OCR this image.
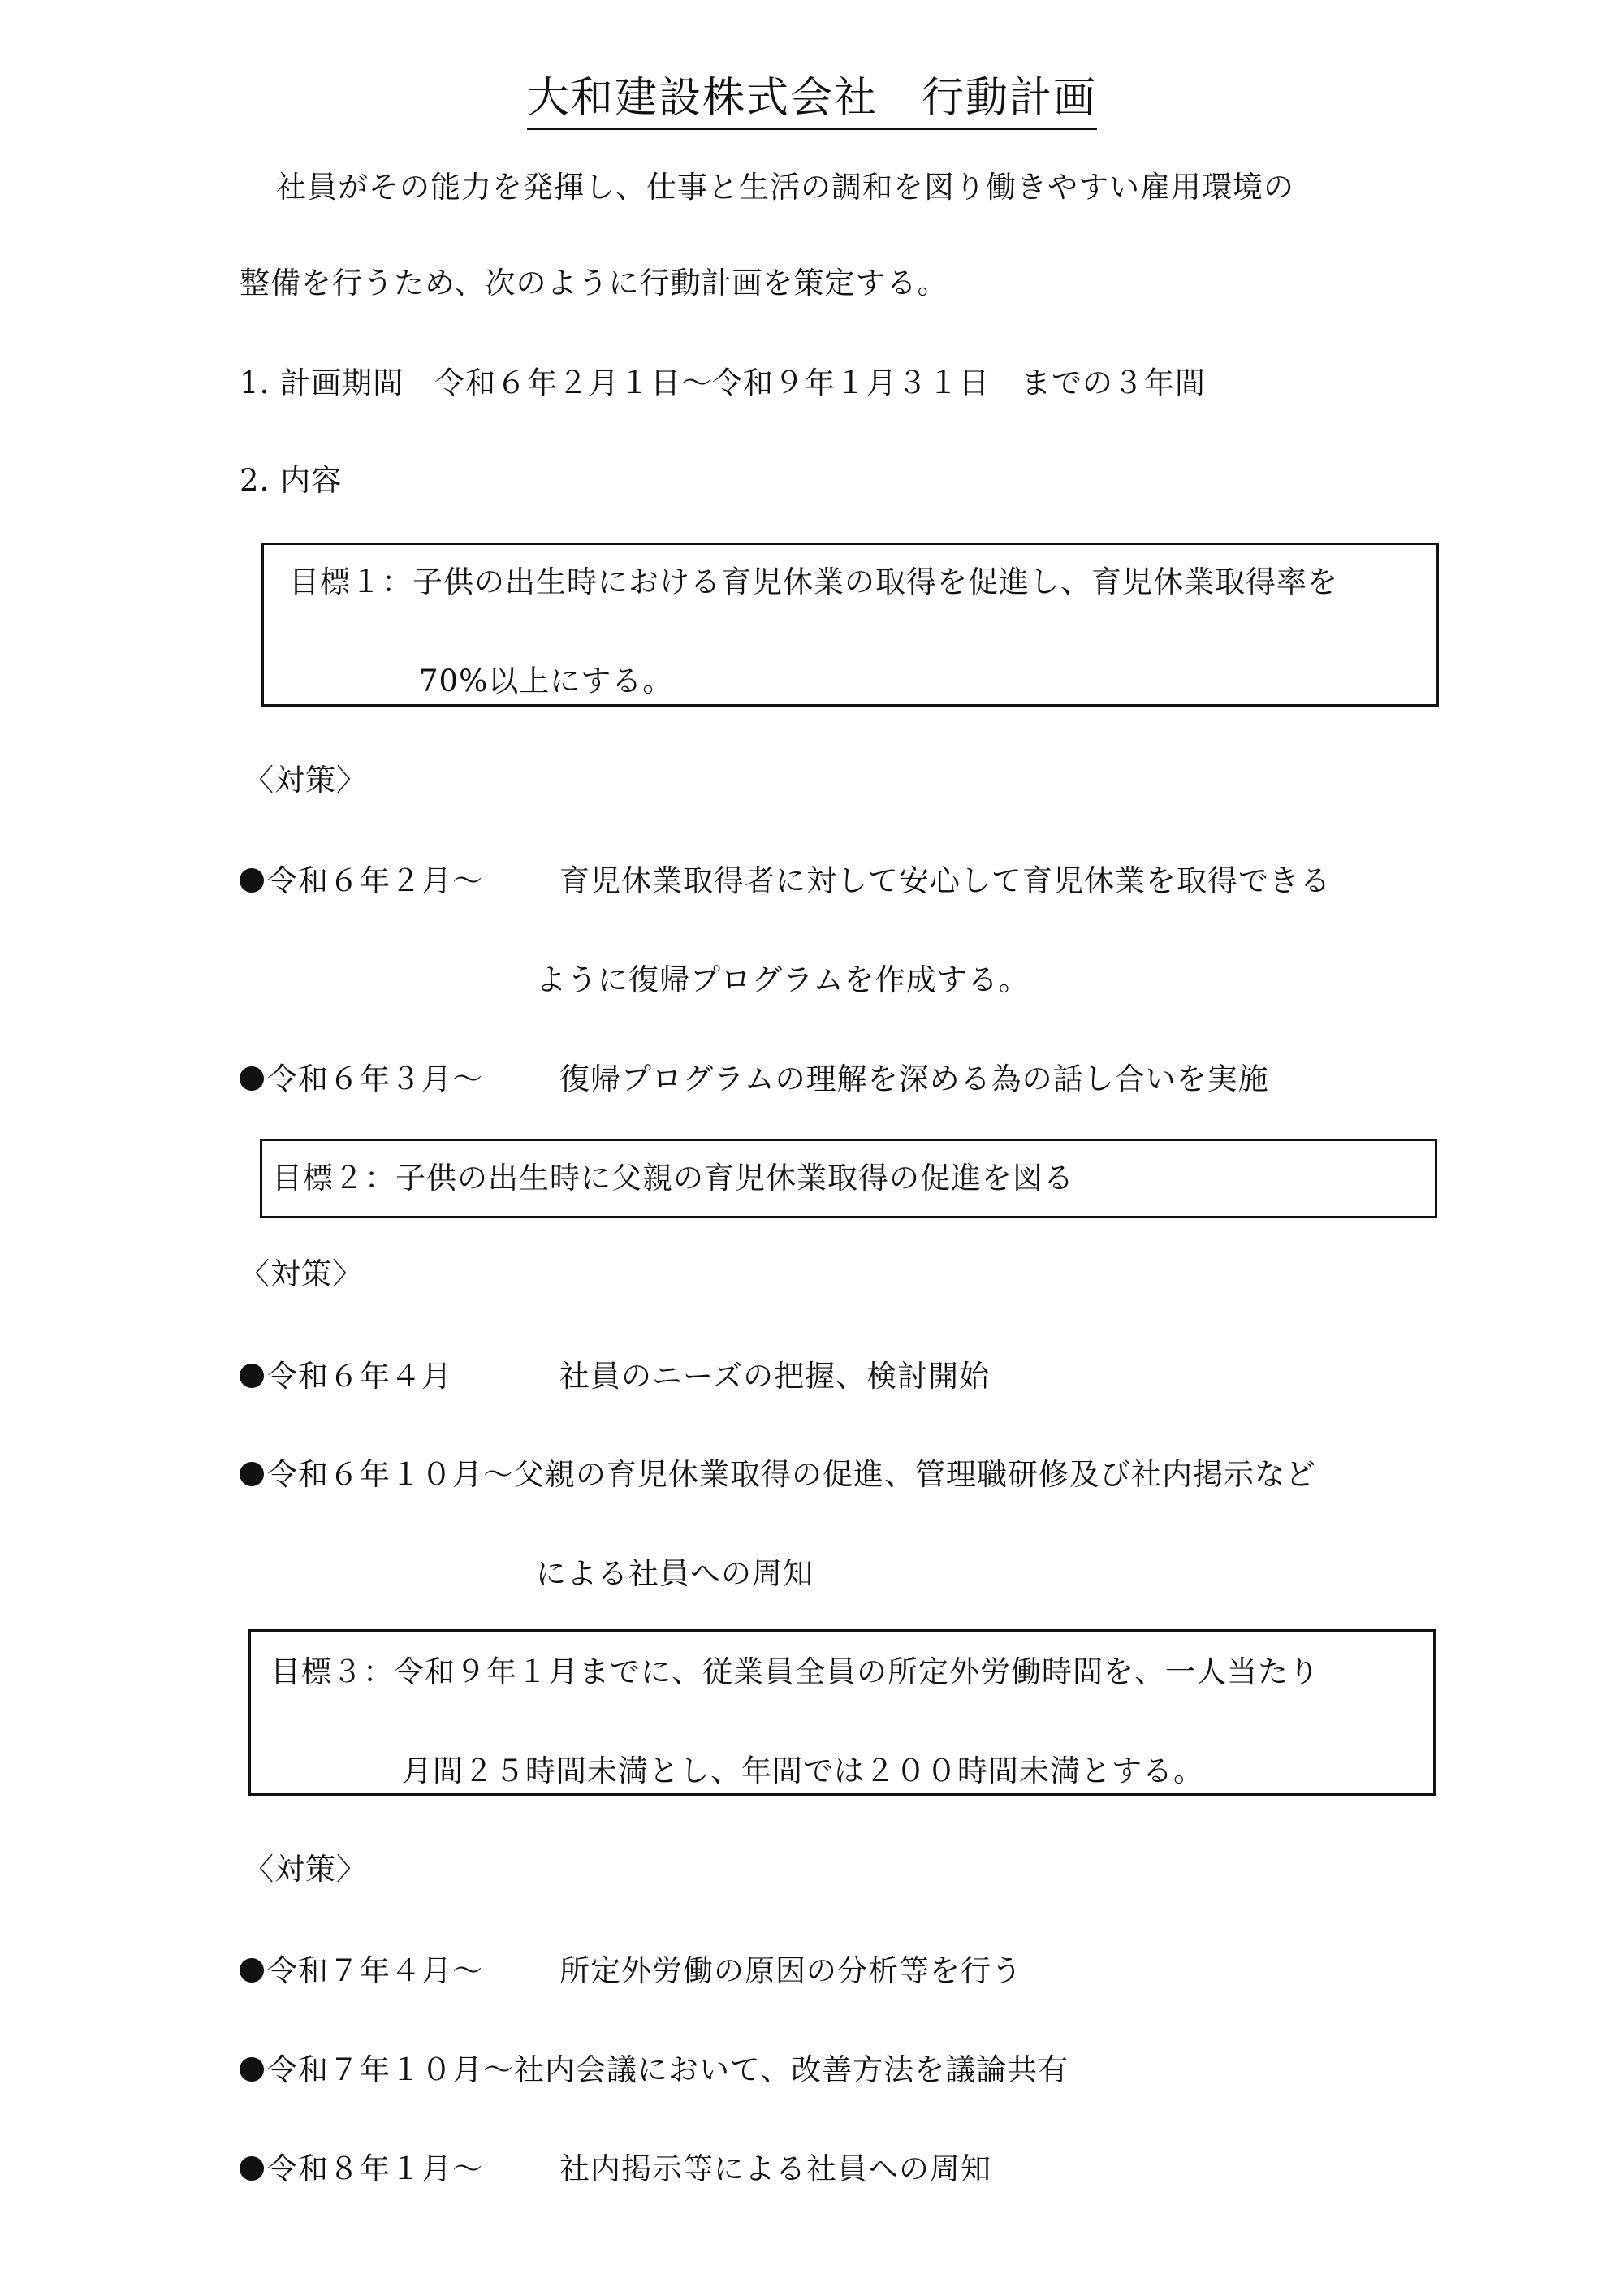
大和建設株式会社　行動計画
社員がその能力を発揮し、仕事と生活の調和を図り働きやすい雇用環境の
整備を行うため、次のように行動計画を策定する。
1. 計画期間　令和６年２月１日～令和９年１月３１日　までの３年間
2. 内容
目標１：子供の出生時における育児休業の取得を促進し、育児休業取得率を
70%以上にする。
〈対策〉
令和６年２月～	育児休業取得者に対して安心して育児休業を取得できる
ように復帰プログラムを作成する。
令和６年３月～	復帰プログラムの理解を深める為の話し合いを実施
目標２：子供の出生時に父親の育児休業取得の促進を図る
〈対策〉
令和６年４月	社員のニーズの把握、検討開始
令和６年１０月～父親の育児休業取得の促進、管理職研修及び社内掲示など
による社員への周知
目標３：令和９年１月までに、従業員全員の所定外労働時間を、一人当たり
月間２５時間未満とし、年間では２００時間未満とする。
〈対策〉
令和７年４月～	所定外労働の原因の分析等を行う
令和７年１０月～社内会議において、改善方法を議論共有
令和８年１月～	社内掲示等による社員への周知
